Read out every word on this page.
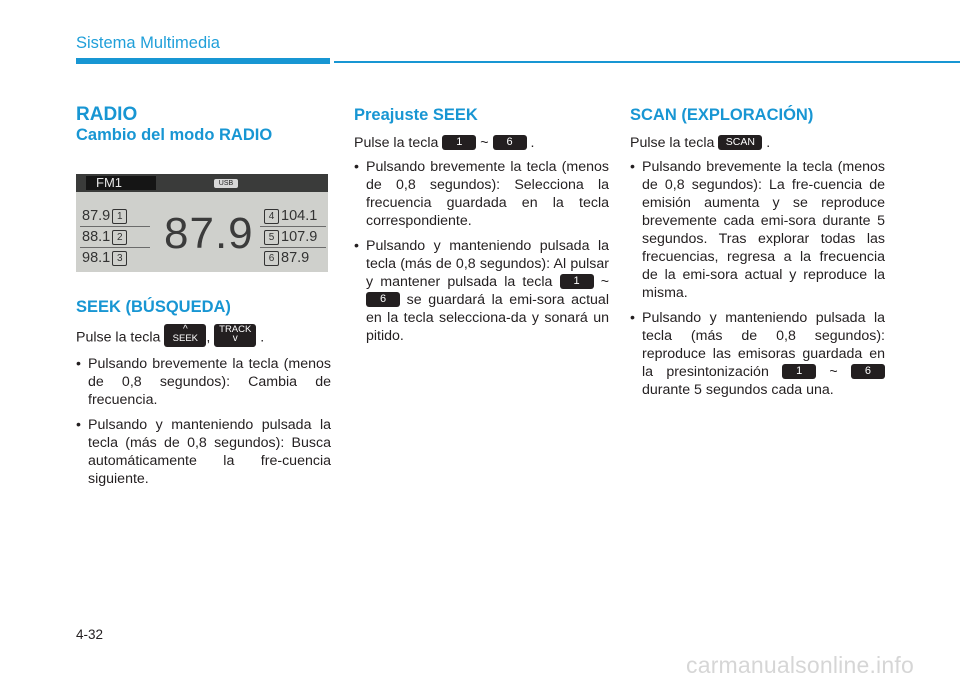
Sistema Multimedia
RADIO
Cambio del modo RADIO
FM1	USB
87.9 1
88.1 2
98.1 3
87.9	4 104.1
5 107.9
6 87.9
SEEK (BÚSQUEDA)

Pulse la tecla	^
SEEK , TRACK
v	.

• Pulsando brevemente la tecla (menos de 0,8 segundos): Cambia de frecuencia.
• Pulsando y manteniendo pulsada la tecla (más de 0,8 segundos): Busca automáticamente la fre-cuencia siguiente.
Preajuste SEEK

Pulse la tecla 1 ~ 6 .

• Pulsando brevemente la tecla (menos de 0,8 segundos): Selecciona la frecuencia guardada en la tecla correspondiente.
• Pulsando y manteniendo pulsada la tecla (más de 0,8 segundos): Al pulsar y mantener pulsada la tecla 1 ~ 6 se guardará la emi-sora actual en la tecla selecciona-da y sonará un pitido.
SCAN (EXPLORACIÓN)

Pulse la tecla SCAN .

• Pulsando brevemente la tecla (menos de 0,8 segundos): La fre-cuencia de emisión aumenta y se reproduce brevemente cada emi-sora durante 5 segundos. Tras explorar todas las frecuencias, regresa a la frecuencia de la emi-sora actual y reproduce la misma.
• Pulsando y manteniendo pulsada la tecla (más de 0,8 segundos): reproduce las emisoras guardada en la presintonización 1 ~ 6 durante 5 segundos cada una.
4-32
carmanualsonline.info
